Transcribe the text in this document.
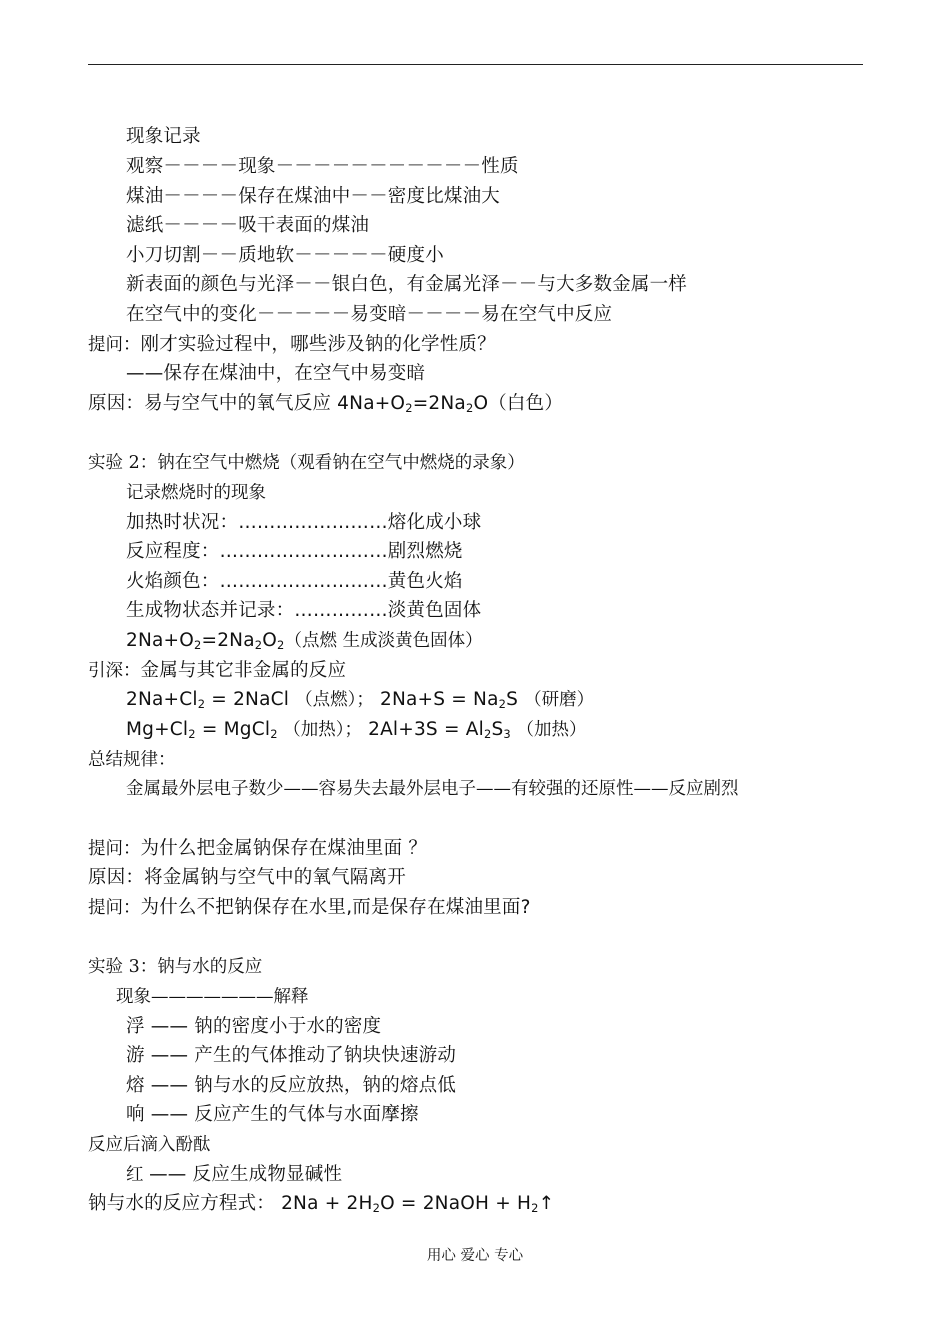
现象记录
观察－－－－现象－－－－－－－－－－－性质
煤油－－－－保存在煤油中－－密度比煤油大
滤纸－－－－吸干表面的煤油
小刀切割－－质地软－－－－－硬度小
新表面的颜色与光泽－－银白色，有金属光泽－－与大多数金属一样
在空气中的变化－－－－－易变暗－－－－易在空气中反应
提问：刚才实验过程中，哪些涉及钠的化学性质？
——保存在煤油中，在空气中易变暗
原因：易与空气中的氧气反应 $4Na+O_2=2Na_2O$（白色）
实验 2：钠在空气中燃烧（观看钠在空气中燃烧的录象）
记录燃烧时的现象
加热时状况：……………………熔化成小球
反应程度：………………………剧烈燃烧
火焰颜色：………………………黄色火焰
生成物状态并记录：……………淡黄色固体
$2Na+O_2=2Na_2O_2$（点燃 生成淡黄色固体）
引深：金属与其它非金属的反应
$2Na+Cl_2$ = 2NaCl （点燃）； $2Na+S = Na_2S$ （研磨）
$Mg+Cl_2$ = MgCl$_2$ （加热）； $2Al+3S = Al_2S_3$ （加热）
总结规律：
金属最外层电子数少——容易失去最外层电子——有较强的还原性——反应剧烈
提问：为什么把金属钠保存在煤油里面 ？
原因：将金属钠与空气中的氧气隔离开
提问：为什么不把钠保存在水里,而是保存在煤油里面?
实验 3：钠与水的反应
现象———————解释
浮 —— 钠的密度小于水的密度
游 —— 产生的气体推动了钠块快速游动
熔 —— 钠与水的反应放热，钠的熔点低
响 —— 反应产生的气体与水面摩擦
反应后滴入酚酞
红 —— 反应生成物显碱性
钠与水的反应方程式： $2Na + 2H_2O$ = 2NaOH + $H_2↑$
用心 爱心 专心
